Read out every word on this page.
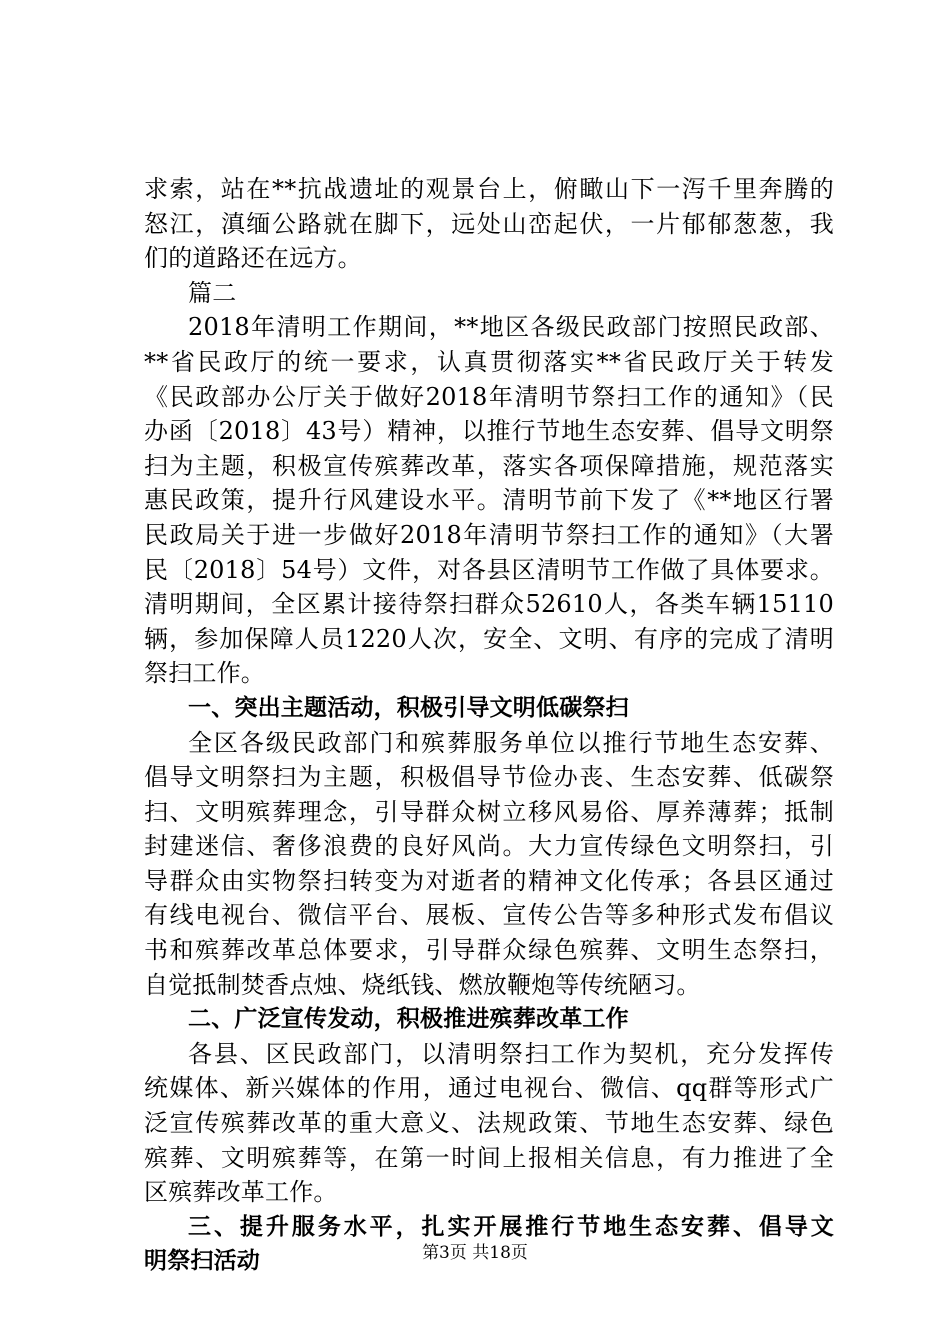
求索，站在**抗战遗址的观景台上，俯瞰山下一泻千里奔腾的
怒江，滇缅公路就在脚下，远处山峦起伏，一片郁郁葱葱，我
们的道路还在远方。
篇二
2018年清明工作期间，**地区各级民政部门按照民政部、
**省民政厅的统一要求，认真贯彻落实**省民政厅关于转发
《民政部办公厅关于做好2018年清明节祭扫工作的通知》（民
办函〔2018〕43号）精神，以推行节地生态安葬、倡导文明祭
扫为主题，积极宣传殡葬改革，落实各项保障措施，规范落实
惠民政策，提升行风建设水平。清明节前下发了《**地区行署
民政局关于进一步做好2018年清明节祭扫工作的通知》（大署
民〔2018〕54号）文件，对各县区清明节工作做了具体要求。
清明期间，全区累计接待祭扫群众52610人，各类车辆15110
辆，参加保障人员1220人次，安全、文明、有序的完成了清明
祭扫工作。
一、突出主题活动，积极引导文明低碳祭扫
全区各级民政部门和殡葬服务单位以推行节地生态安葬、
倡导文明祭扫为主题，积极倡导节俭办丧、生态安葬、低碳祭
扫、文明殡葬理念，引导群众树立移风易俗、厚养薄葬；抵制
封建迷信、奢侈浪费的良好风尚。大力宣传绿色文明祭扫，引
导群众由实物祭扫转变为对逝者的精神文化传承；各县区通过
有线电视台、微信平台、展板、宣传公告等多种形式发布倡议
书和殡葬改革总体要求，引导群众绿色殡葬、文明生态祭扫，
自觉抵制焚香点烛、烧纸钱、燃放鞭炮等传统陋习。
二、广泛宣传发动，积极推进殡葬改革工作
各县、区民政部门，以清明祭扫工作为契机，充分发挥传
统媒体、新兴媒体的作用，通过电视台、微信、qq群等形式广
泛宣传殡葬改革的重大意义、法规政策、节地生态安葬、绿色
殡葬、文明殡葬等，在第一时间上报相关信息，有力推进了全
区殡葬改革工作。
三、提升服务水平，扎实开展推行节地生态安葬、倡导文
明祭扫活动	第3页 共18页
